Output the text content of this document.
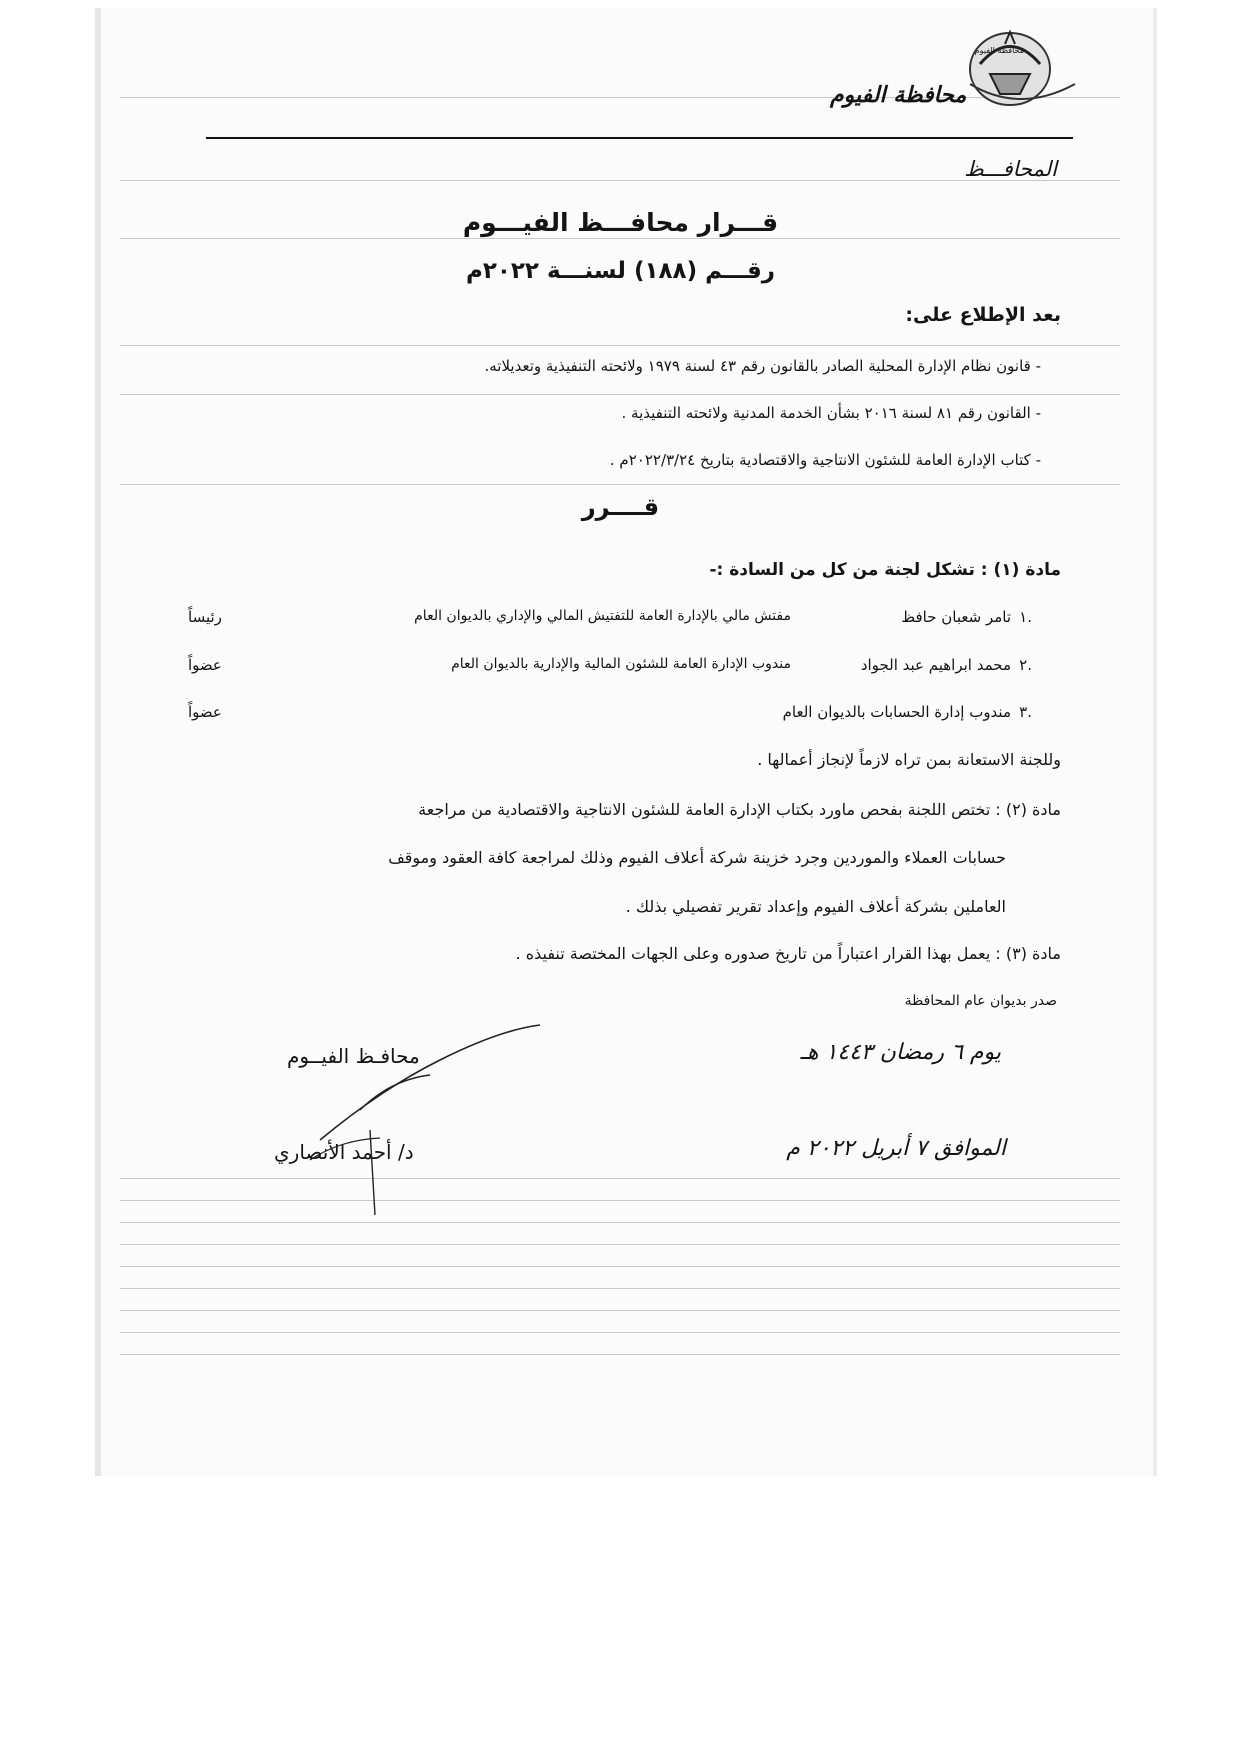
محافظة الفيوم
محافظة الفيوم
المحافـــظ
قـــرار محافـــظ الفيـــوم
رقـــم (١٨٨) لسنـــة ٢٠٢٢م
بعد الإطلاع على:
- قانون نظام الإدارة المحلية الصادر بالقانون رقم ٤٣ لسنة ١٩٧٩ ولائحته التنفيذية وتعديلاته.
- القانون رقم ٨١ لسنة ٢٠١٦ بشأن الخدمة المدنية ولائحته التنفيذية .
- كتاب الإدارة العامة للشئون الانتاجية والاقتصادية بتاريخ ٢٠٢٢/٣/٢٤م .
قــــرر
مادة (١) : تشكل لجنة من كل من السادة :-
١.
تامر شعبان حافظ
مفتش مالي بالإدارة العامة للتفتيش المالي والإداري بالديوان العام
رئيساً
٢.
محمد ابراهيم عبد الجواد
مندوب الإدارة العامة للشئون المالية والإدارية بالديوان العام
عضواً
٣.
مندوب إدارة الحسابات بالديوان العام
عضواً
وللجنة الاستعانة بمن تراه لازماً لإنجاز أعمالها .
مادة (٢) : تختص اللجنة بفحص ماورد بكتاب الإدارة العامة للشئون الانتاجية والاقتصادية من مراجعة
حسابات العملاء والموردين وجرد خزينة شركة أعلاف الفيوم وذلك لمراجعة كافة العقود وموقف
العاملين بشركة أعلاف الفيوم وإعداد تقرير تفصيلي بذلك .
مادة (٣) : يعمل بهذا القرار اعتباراً من تاريخ صدوره وعلى الجهات المختصة تنفيذه .
صدر بديوان عام المحافظة
يوم ٦ رمضان ١٤٤٣ هـ
الموافق ٧ أبريل ٢٠٢٢ م
محافـظ الفيــوم
د/ أحمد الأنصاري
